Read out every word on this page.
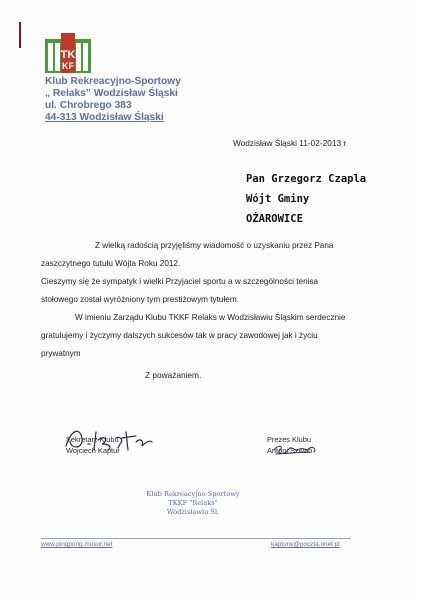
TK
KF
Klub Rekreacyjno-Sportowy
„ Relaks” Wodzisław Śląski
ul. Chrobrego 383
44-313 Wodzisław Śląski
Wodzisław Śląski 11-02-2013 r
Pan Grzegorz Czapla
Wójt Gminy
OŻAROWICE
Z wielką radością przyjęliśmy wiadomość o uzyskaniu przez Pana
zaszczytnego tutułu Wójta Roku 2012.
Cieszymy się że sympatyk i wielki Przyjaciel sportu a w szczególności tenisa
stołowego został wyróżniony tym prestiżowym tytułem.
W imieniu Zarządu Klubu TKKF Relaks w Wodzisławiu Śląskim serdecznie
gratulujemy i życzymy dalszych sukcesów tak w pracy zawodowej jak i życiu
prywatnym
Z poważaniem.
Sekretarz Klubu
Wojciech Kaptur
Prezes Klubu
Antoni Szwab
Klub Rekreacyjno-Sportowy
TKKF "Relaks"
Wodzisławiu Śl.
www.pingpong.musur.net	kapturw@poczta.onet.pl
